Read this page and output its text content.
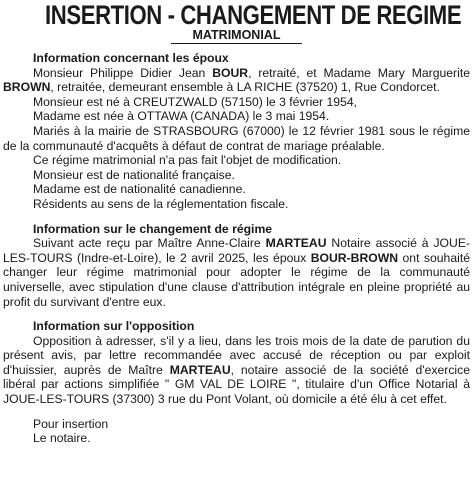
INSERTION - CHANGEMENT DE REGIME
MATRIMONIAL
Information concernant les époux

Monsieur Philippe Didier Jean BOUR, retraité, et Madame Mary Marguerite BROWN, retraitée, demeurant ensemble à LA RICHE (37520) 1, Rue Condorcet.

Monsieur est né à CREUTZWALD (57150) le 3 février 1954,

Madame est née à OTTAWA (CANADA) le 3 mai 1954.

Mariés à la mairie de STRASBOURG (67000) le 12 février 1981 sous le régime de la communauté d'acquêts à défaut de contrat de mariage préalable.

Ce régime matrimonial n'a pas fait l'objet de modification.

Monsieur est de nationalité française.

Madame est de nationalité canadienne.

Résidents au sens de la réglementation fiscale.

Information sur le changement de régime

Suivant acte reçu par Maître Anne-Claire MARTEAU Notaire associé à JOUE-LES-TOURS (Indre-et-Loire), le 2 avril 2025, les époux BOUR-BROWN ont souhaité changer leur régime matrimonial pour adopter le régime de la communauté universelle, avec stipulation d'une clause d'attribution intégrale en pleine propriété au profit du survivant d'entre eux.

Information sur l'opposition

Opposition à adresser, s'il y a lieu, dans les trois mois de la date de parution du présent avis, par lettre recommandée avec accusé de réception ou par exploit d'huissier, auprès de Maître MARTEAU, notaire associé de la société d'exercice libéral par actions simplifiée " GM VAL DE LOIRE ", titulaire d'un Office Notarial à JOUE-LES-TOURS (37300) 3 rue du Pont Volant, où domicile a été élu à cet effet.

Pour insertion
Le notaire.
